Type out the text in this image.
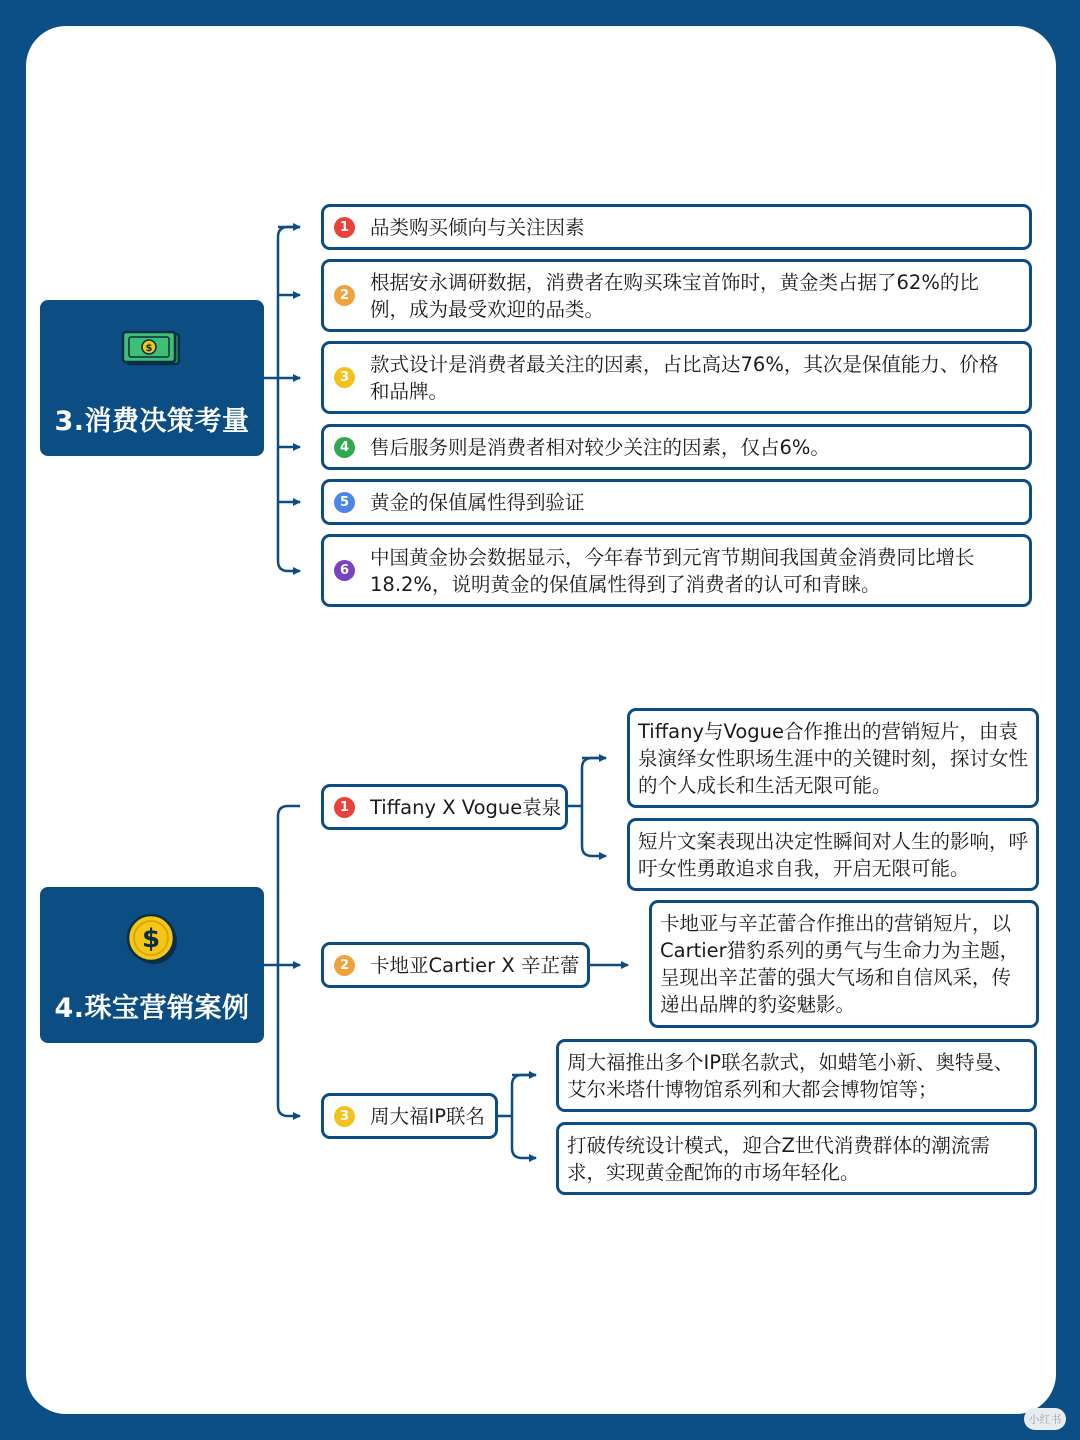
$
3.消费决策考量
1	品类购买倾向与关注因素
2
根据安永调研数据，消费者在购买珠宝首饰时，黄金类占据了62%的比例，成为最受欢迎的品类。
3
款式设计是消费者最关注的因素，占比高达76%，其次是保值能力、价格和品牌。
4	售后服务则是消费者相对较少关注的因素，仅占6%。
5	黄金的保值属性得到验证
6
中国黄金协会数据显示，今年春节到元宵节期间我国黄金消费同比增长18.2%，说明黄金的保值属性得到了消费者的认可和青睐。
$
4.珠宝营销案例
1	Tiffany X Vogue袁泉
2	卡地亚Cartier X 辛芷蕾
3	周大福IP联名
Tiffany与Vogue合作推出的营销短片，由袁泉演绎女性职场生涯中的关键时刻，探讨女性的个人成长和生活无限可能。
短片文案表现出决定性瞬间对人生的影响，呼吁女性勇敢追求自我，开启无限可能。
卡地亚与辛芷蕾合作推出的营销短片，以Cartier猎豹系列的勇气与生命力为主题，呈现出辛芷蕾的强大气场和自信风采，传递出品牌的豹姿魅影。
周大福推出多个IP联名款式，如蜡笔小新、奥特曼、艾尔米塔什博物馆系列和大都会博物馆等；
打破传统设计模式，迎合Z世代消费群体的潮流需求，实现黄金配饰的市场年轻化。
小红书
